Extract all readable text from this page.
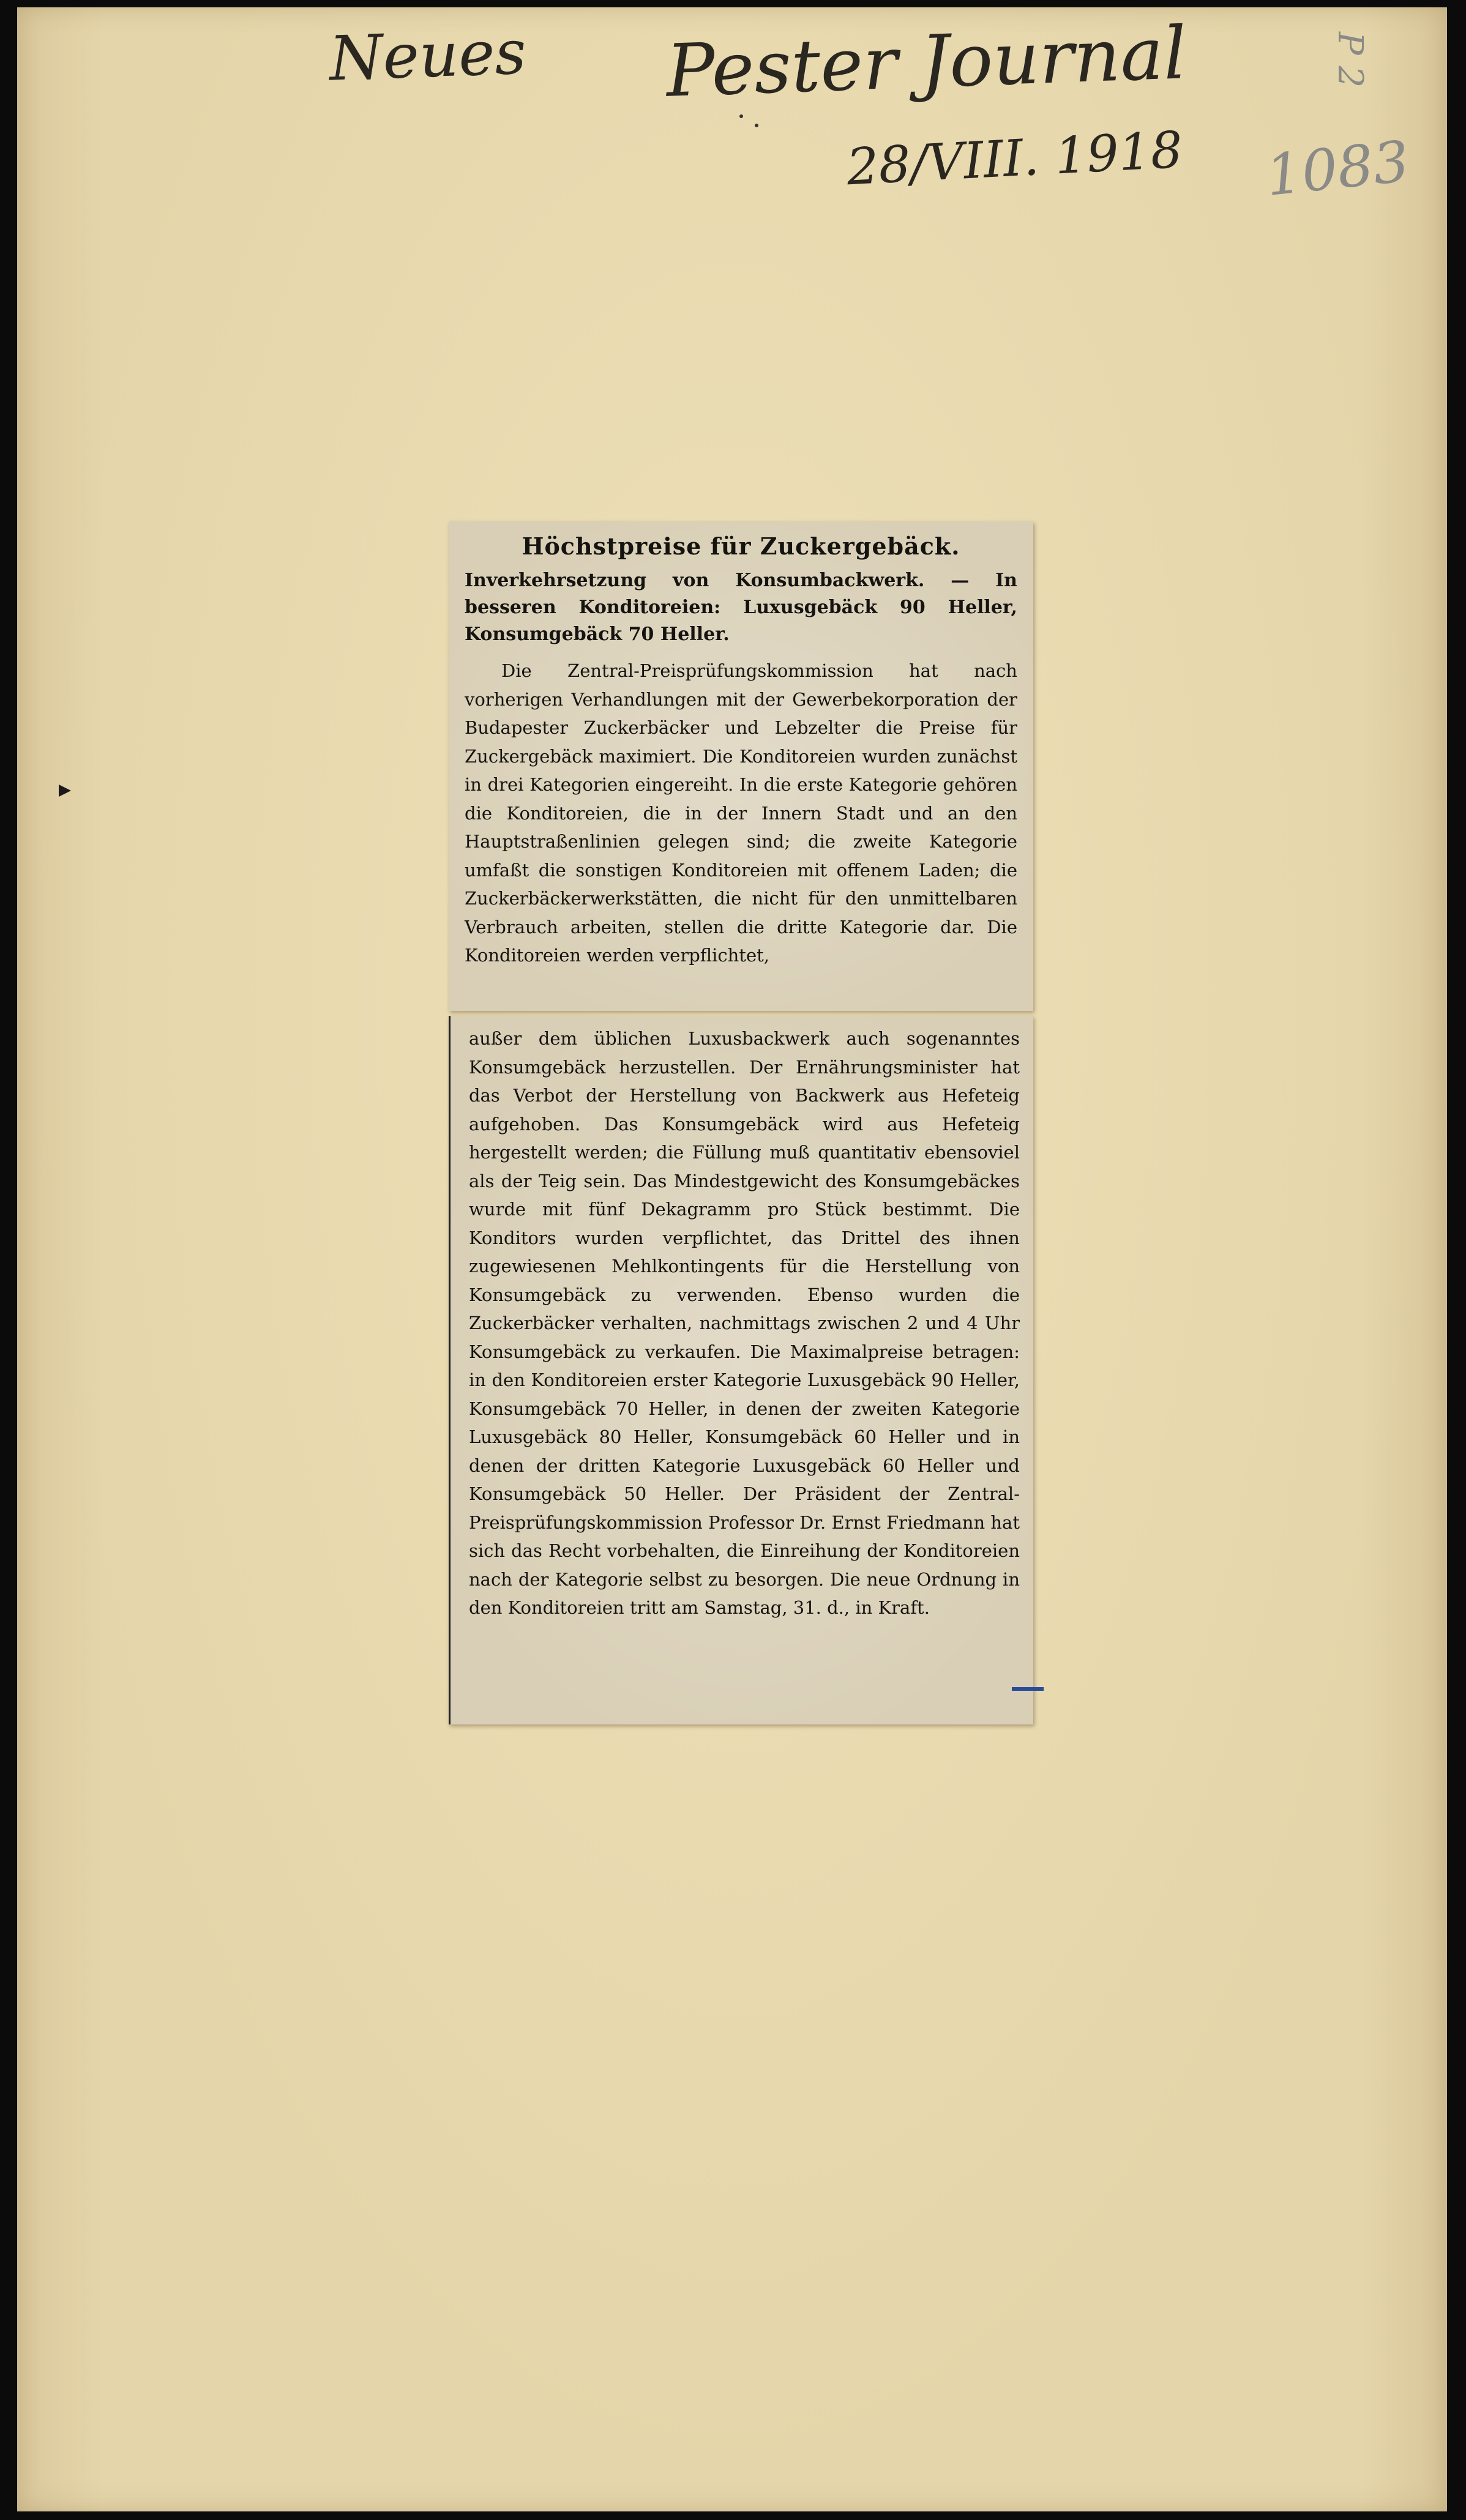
Neues Pester Journal
28/VIII. 1918 1083
P 2
Höchstpreise für Zuckergebäck.
Inverkehrsetzung von Konsumbackwerk. — In besseren Konditoreien: Luxusgebäck 90 Heller, Konsumgebäck 70 Heller.

Die Zentral-Preisprüfungskommission hat nach vorherigen Verhandlungen mit der Gewerbekorporation der Budapester Zuckerbäcker und Lebzelter die Preise für Zuckergebäck maximiert. Die Konditoreien wurden zunächst in drei Kategorien eingereiht. In die erste Kategorie gehören die Konditoreien, die in der Innern Stadt und an den Hauptstraßenlinien gelegen sind; die zweite Kategorie umfaßt die sonstigen Konditoreien mit offenem Laden; die Zuckerbäckerwerkstätten, die nicht für den unmittelbaren Verbrauch arbeiten, stellen die dritte Kategorie dar. Die Konditoreien werden verpflichtet,

außer dem üblichen Luxusbackwerk auch sogenanntes Konsumgebäck herzustellen. Der Ernährungsminister hat das Verbot der Herstellung von Backwerk aus Hefeteig aufgehoben. Das Konsumgebäck wird aus Hefeteig hergestellt werden; die Füllung muß quantitativ ebensoviel als der Teig sein. Das Mindestgewicht des Konsumgebäckes wurde mit fünf Dekagramm pro Stück bestimmt. Die Konditors wurden verpflichtet, das Drittel des ihnen zugewiesenen Mehlkontingents für die Herstellung von Konsumgebäck zu verwenden. Ebenso wurden die Zuckerbäcker verhalten, nachmittags zwischen 2 und 4 Uhr Konsumgebäck zu verkaufen. Die Maximalpreise betragen: in den Konditoreien erster Kategorie Luxusgebäck 90 Heller, Konsumgebäck 70 Heller, in denen der zweiten Kategorie Luxusgebäck 80 Heller, Konsumgebäck 60 Heller und in denen der dritten Kategorie Luxusgebäck 60 Heller und Konsumgebäck 50 Heller. Der Präsident der Zentral-Preisprüfungskommission Professor Dr. Ernst Friedmann hat sich das Recht vorbehalten, die Einreihung der Konditoreien nach der Kategorie selbst zu besorgen. Die neue Ordnung in den Konditoreien tritt am Samstag, 31. d., in Kraft.
